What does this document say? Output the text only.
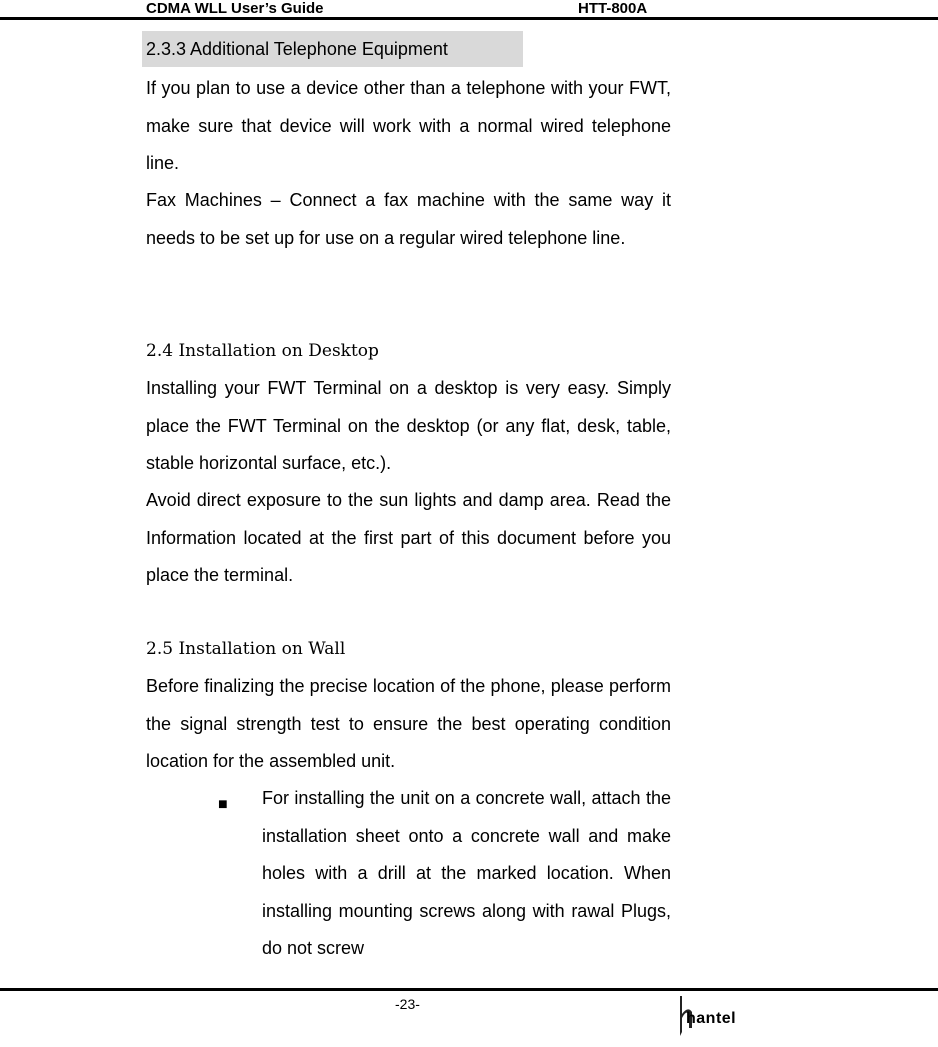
CDMA WLL User’s Guide	HTT-800A
2.3.3 Additional Telephone Equipment

If you plan to use a device other than a telephone with your FWT, make sure that device will work with a normal wired telephone line.

Fax Machines – Connect a fax machine with the same way it needs to be set up for use on a regular wired telephone line.

2.4 Installation on Desktop

Installing your FWT Terminal on a desktop is very easy. Simply place the FWT Terminal on the desktop (or any flat, desk, table, stable horizontal surface, etc.).

Avoid direct exposure to the sun lights and damp area. Read the Information located at the first part of this document before you place the terminal.

2.5 Installation on Wall

Before finalizing the precise location of the phone, please perform the signal strength test to ensure the best operating condition location for the assembled unit.

■ For installing the unit on a concrete wall, attach the installation sheet onto a concrete wall and make holes with a drill at the marked location. When installing mounting screws along with rawal Plugs, do not screw

-23-
hantel
